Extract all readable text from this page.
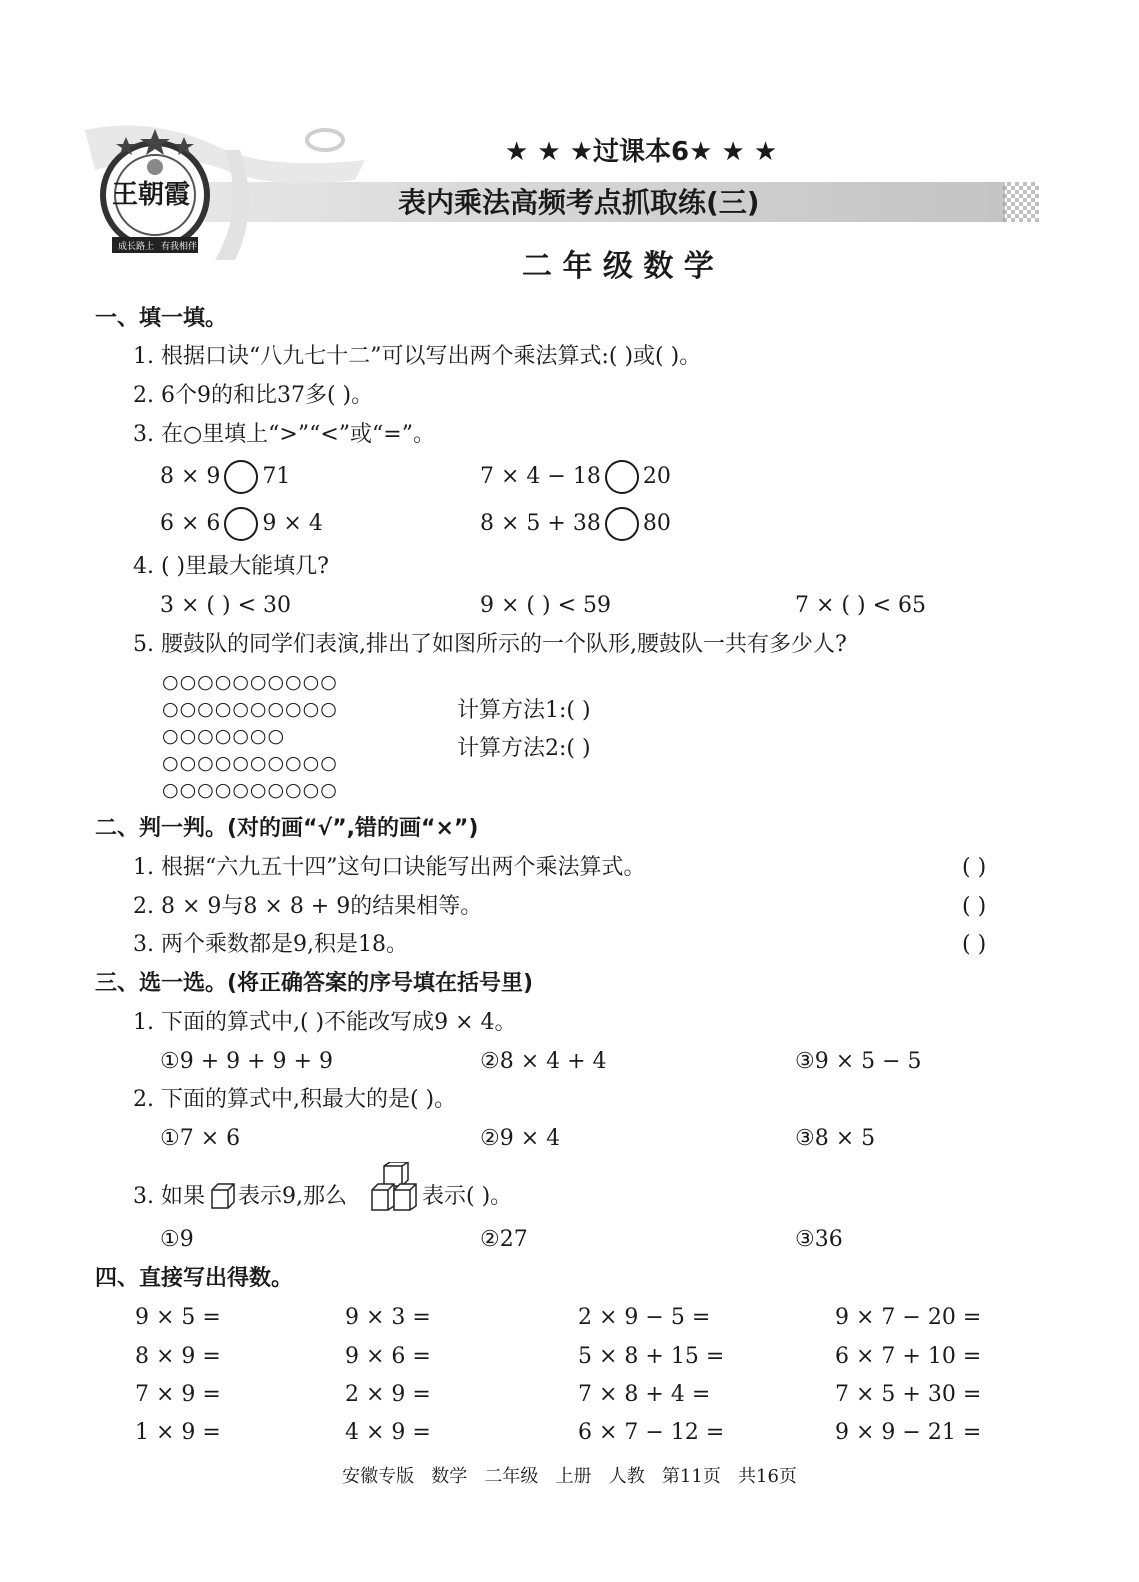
王朝霞
成长路上 有我相伴
★ ★ ★过课本6★ ★ ★
表内乘法高频考点抓取练(三)
二 年 级 数 学
一、填一填。
1. 根据口诀“八九七十二”可以写出两个乘法算式:( )或( )。
2. 6个9的和比37多( )。
3. 在○里填上“>”“<”或“=”。
8 × 9 71	7 × 4 − 18 20
6 × 6 9 × 4	8 × 5 + 38 80
4. ( )里最大能填几?
3 × ( ) < 30	9 × ( ) < 59	7 × ( ) < 65
5. 腰鼓队的同学们表演,排出了如图所示的一个队形,腰鼓队一共有多少人?
○○○○○○○○○○
○○○○○○○○○○
○○○○○○○
○○○○○○○○○○
○○○○○○○○○○
计算方法1:( )
计算方法2:( )
二、判一判。(对的画“√”,错的画“×”)
1. 根据“六九五十四”这句口诀能写出两个乘法算式。	( )
2. 8 × 9与8 × 8 + 9的结果相等。	( )
3. 两个乘数都是9,积是18。	( )
三、选一选。(将正确答案的序号填在括号里)
1. 下面的算式中,( )不能改写成9 × 4。
①9 + 9 + 9 + 9	②8 × 4 + 4	③9 × 5 − 5
2. 下面的算式中,积最大的是( )。
①7 × 6	②9 × 4	③8 × 5
3. 如果 表示9,那么	表示( )。
①9	②27	③36
四、直接写出得数。
9 × 5 =	9 × 3 =	2 × 9 − 5 =	9 × 7 − 20 =
8 × 9 =	9 × 6 =	5 × 8 + 15 =	6 × 7 + 10 =
7 × 9 =	2 × 9 =	7 × 8 + 4 =	7 × 5 + 30 =
1 × 9 =	4 × 9 =	6 × 7 − 12 =	9 × 9 − 21 =
安徽专版   数学   二年级   上册   人教   第11页   共16页
